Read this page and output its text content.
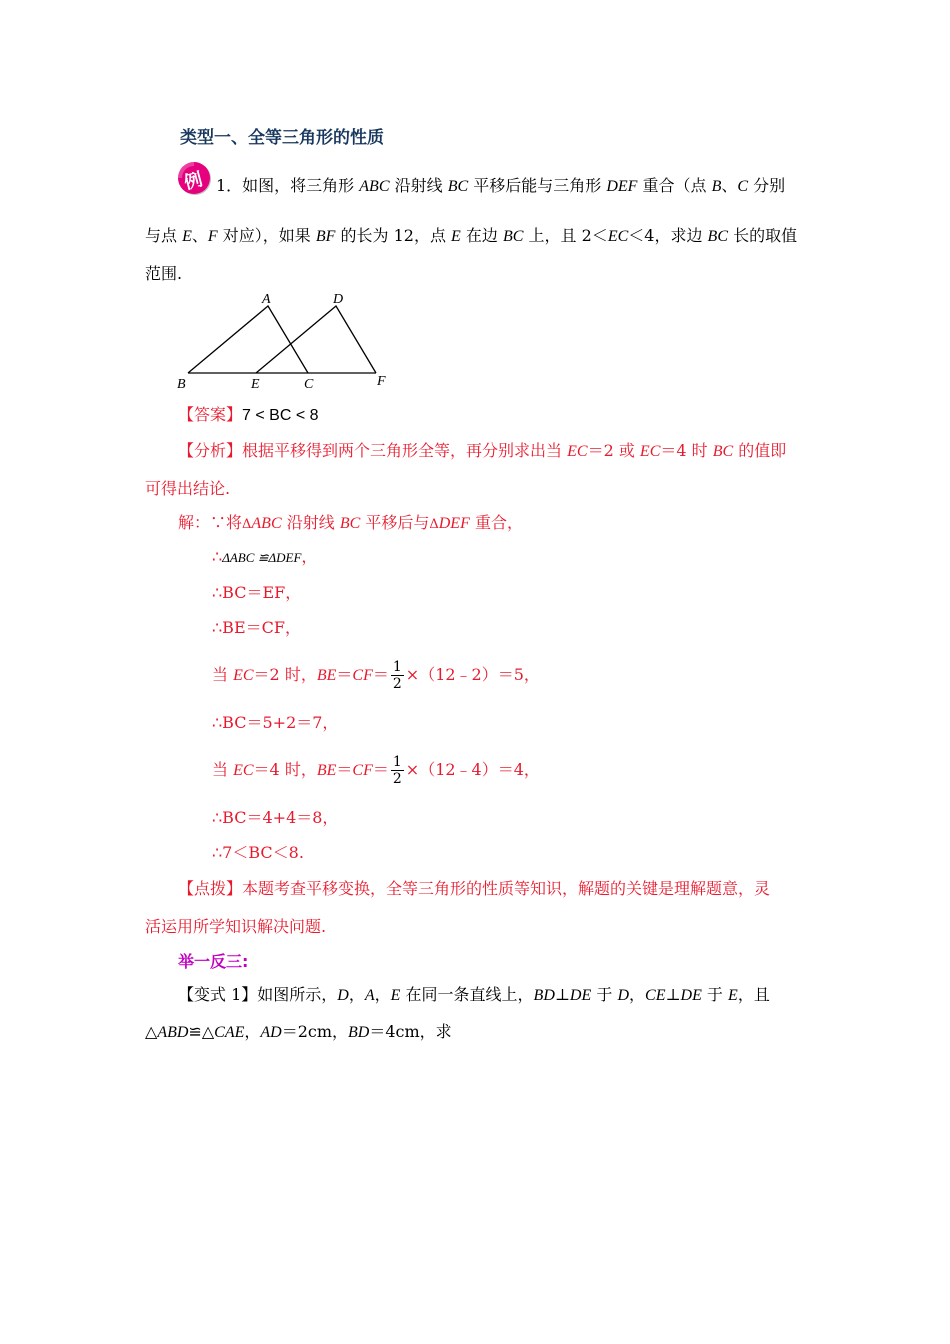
类型一、全等三角形的性质
例 1．如图，将三角形 ABC 沿射线 BC 平移后能与三角形 DEF 重合（点 B、C 分别
与点 E、F 对应），如果 BF 的长为 12，点 E 在边 BC 上，且 2＜EC＜4，求边 BC 长的取值
范围.
A	D
B	E	C	F
【答案】7 < BC < 8
【分析】根据平移得到两个三角形全等，再分别求出当 EC＝2 或 EC＝4 时 BC 的值即
可得出结论.
解：∵将ΔABC 沿射线 BC 平移后与ΔDEF 重合，
∴ΔABC ≌ΔDEF，
∴BC＝EF，
∴BE＝CF，
当 EC＝2 时，$BE=CF= \frac{1}{2}$ ×（12﹣2）＝5，
∴BC＝5+2＝7，
当 EC＝4 时，$BE=CF= \frac{1}{2}$ ×（12﹣4）＝4，
∴BC＝4+4＝8，
∴7＜BC＜8.
【点拨】本题考查平移变换，全等三角形的性质等知识，解题的关键是理解题意，灵
活运用所学知识解决问题.
举一反三:
【变式 1】如图所示，D，A，E 在同一条直线上，BD⊥DE 于 D，CE⊥DE 于 E，且
△ABD≌△CAE，AD＝2cm，BD＝4cm，求
